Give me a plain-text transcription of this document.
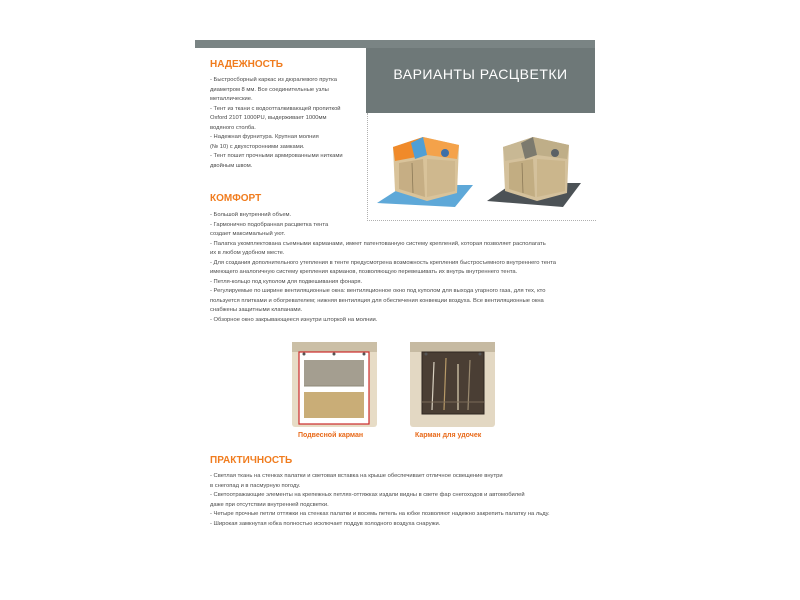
НАДЕЖНОСТЬ
- Быстросборный каркас из дюралевого прутка
диаметром 8 мм. Все соединительные узлы
металлические.
- Тент из ткани с водоотталкивающей пропиткой
Oxford 210T 1000PU, выдерживает 1000мм
водяного столба.
- Надежная фурнитура. Крупная молния
(№ 10) с двухсторонними замками.
- Тент пошит прочными армированными нитками
двойным швом.
ВАРИАНТЫ РАСЦВЕТКИ
КОМФОРТ
- Большой внутренний объем.
- Гармонично подобранная расцветка тента
создает максимальный уют.
- Палатка укомплектована съемными карманами, имеет патентованную систему креплений, которая позволяет располагать
их в любом удобном месте.
- Для создания дополнительного утепления в тенте предусмотрена возможность крепления быстросъемного внутреннего тента
имеющего аналогичную систему крепления карманов, позволяющую перевешивать их внутрь внутреннего тента.
- Петля-кольцо под куполом для подвешивания фонаря.
- Регулируемые по ширине вентиляционные окна: вентиляционное окно под куполом для выхода угарного газа, для тех, кто
пользуется плитками и обогревателем; нижняя вентиляция для обеспечения конвекции воздуха. Все вентиляционные окна
снабжены защитными клапанами.
- Обзорное окно закрывающееся изнутри шторкой на молнии.
Подвесной карман	Карман для удочек
ПРАКТИЧНОСТЬ
- Светлая ткань на стенках палатки и световая вставка на крыше обеспечивает отличное освещение внутри
в снегопад и в пасмурную погоду.
- Светоотражающие элементы на крепежных петлях-оттяжках издали видны в свете фар снегоходов и автомобилей
даже при отсутствии внутренней подсветки.
- Четыре прочные петли оттяжки на стенках палатки и восемь петель на юбке позволяют надежно закрепить палатку на льду.
- Широкая замкнутая юбка полностью исключает поддув холодного воздуха снаружи.
